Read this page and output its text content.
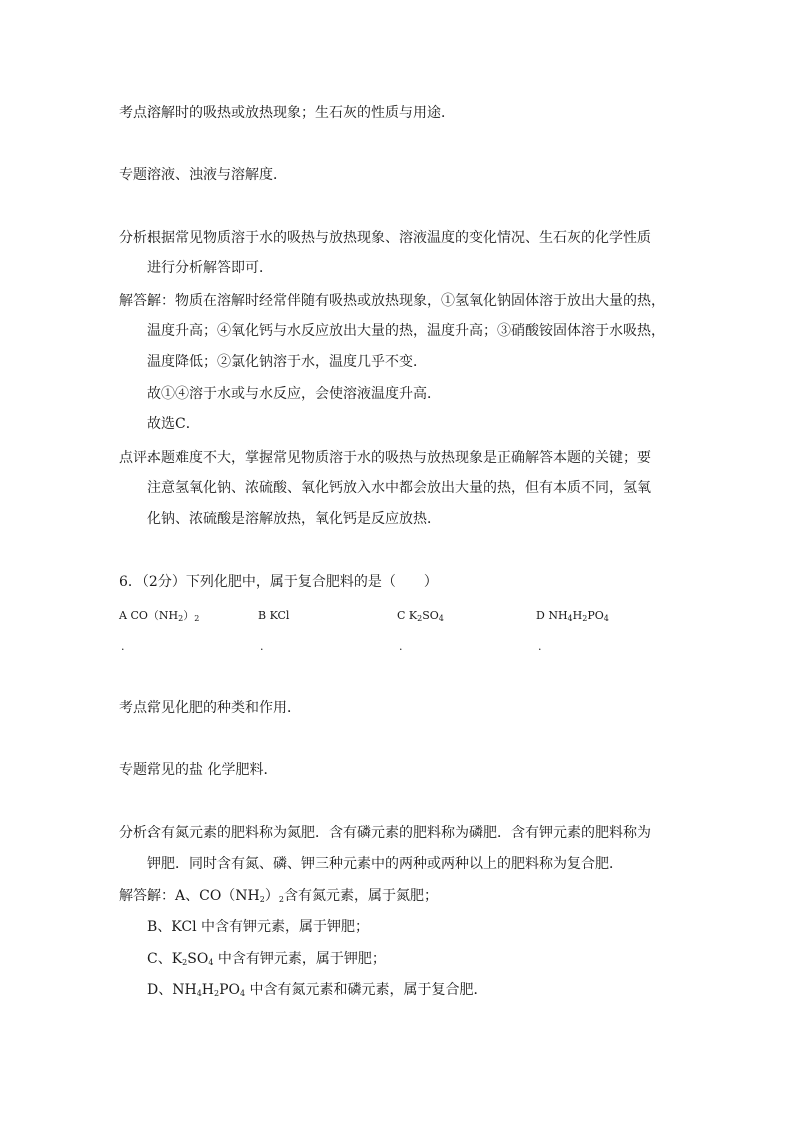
考点:
溶解时的吸热或放热现象；生石灰的性质与用途．
专题:
溶液、浊液与溶解度．
分析:
根据常见物质溶于水的吸热与放热现象、溶液温度的变化情况、生石灰的化学性质
进行分析解答即可．
解答:
解：物质在溶解时经常伴随有吸热或放热现象，①氢氧化钠固体溶于放出大量的热，
温度升高；④氧化钙与水反应放出大量的热，温度升高；③硝酸铵固体溶于水吸热，
温度降低；②氯化钠溶于水，温度几乎不变．
故①④溶于水或与水反应，会使溶液温度升高．
故选C．
点评:
本题难度不大，掌握常见物质溶于水的吸热与放热现象是正确解答本题的关键；要
注意氢氧化钠、浓硫酸、氧化钙放入水中都会放出大量的热，但有本质不同，氢氧
化钠、浓硫酸是溶解放热，氧化钙是反应放热．
6．（2分）下列化肥中，属于复合肥料的是（　　）
A $CO(NH_2)_2$	B KCl	C $K_2SO_4$	D $NH_4H_2PO_4$
.	.	.	.
考点:
常见化肥的种类和作用．
专题:
常见的盐 化学肥料．
分析:
含有氮元素的肥料称为氮肥．含有磷元素的肥料称为磷肥．含有钾元素的肥料称为
钾肥．同时含有氮、磷、钾三种元素中的两种或两种以上的肥料称为复合肥．
解答:
解：A、$CO(NH_2)_2$含有氮元素，属于氮肥；
B、KCl 中含有钾元素，属于钾肥；
C、$K_2SO_4$ 中含有钾元素，属于钾肥；
D、$NH_4H_2PO_4$ 中含有氮元素和磷元素，属于复合肥．
